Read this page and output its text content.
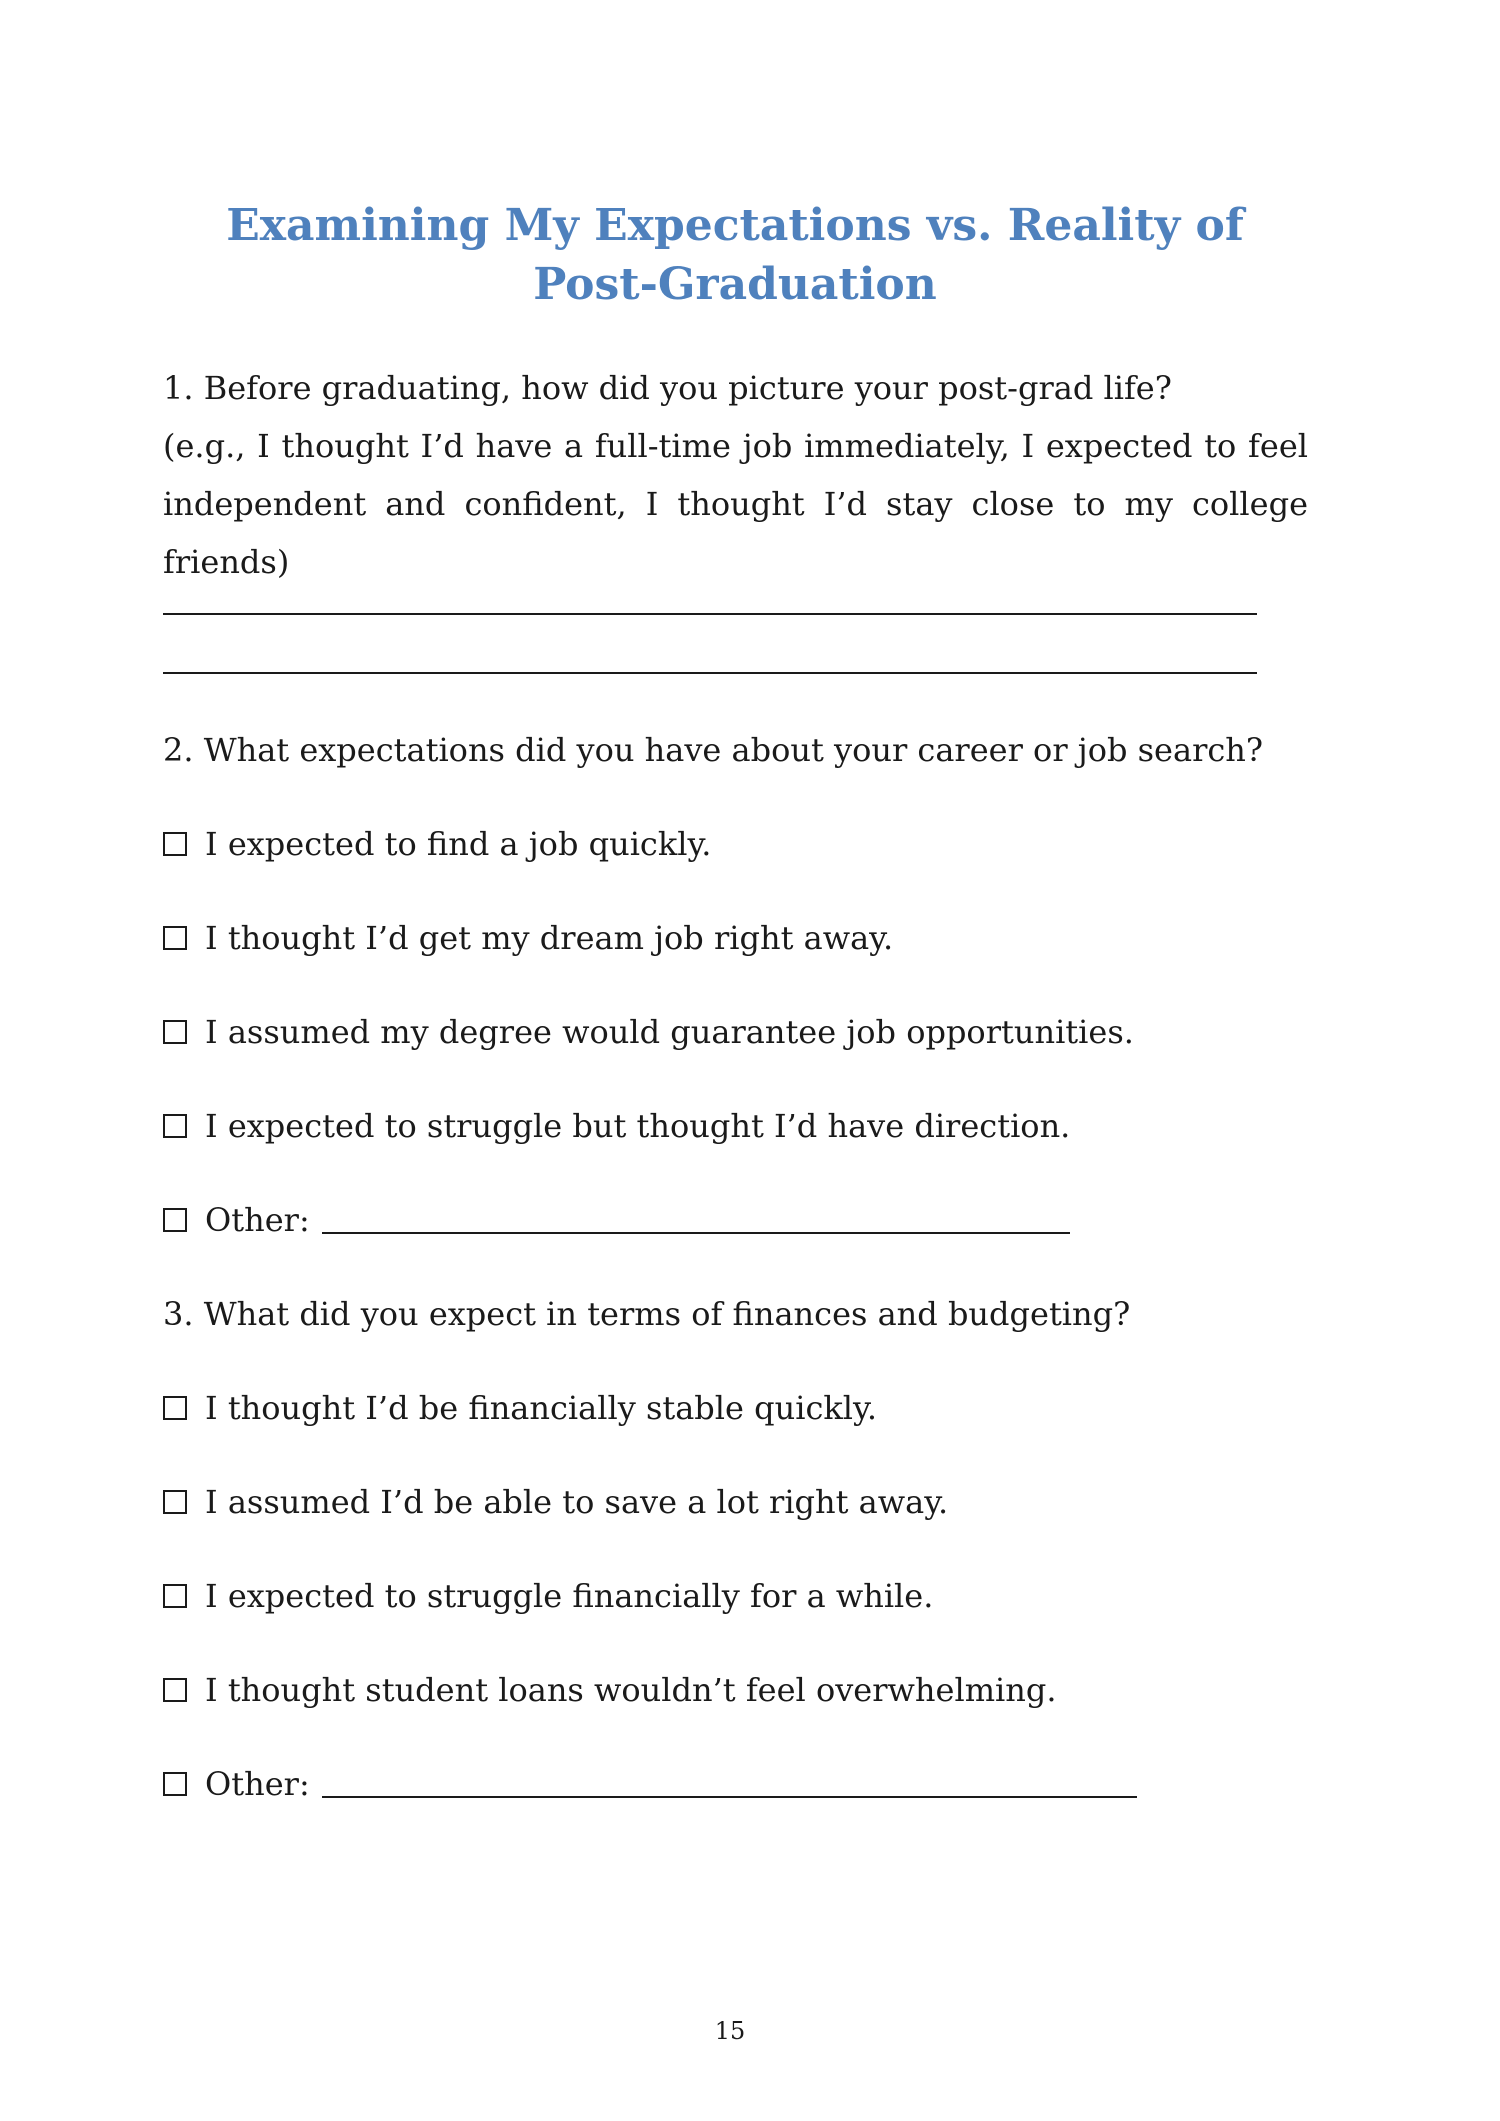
Examining My Expectations vs. Reality of Post-Graduation

1. Before graduating, how did you picture your post-grad life?
(e.g., I thought I’d have a full-time job immediately, I expected to feel independent and confident, I thought I’d stay close to my college friends)

2. What expectations did you have about your career or job search?

I expected to find a job quickly.
I thought I’d get my dream job right away.
I assumed my degree would guarantee job opportunities.
I expected to struggle but thought I’d have direction.
Other:

3. What did you expect in terms of finances and budgeting?

I thought I’d be financially stable quickly.
I assumed I’d be able to save a lot right away.
I expected to struggle financially for a while.
I thought student loans wouldn’t feel overwhelming.
Other:
15
